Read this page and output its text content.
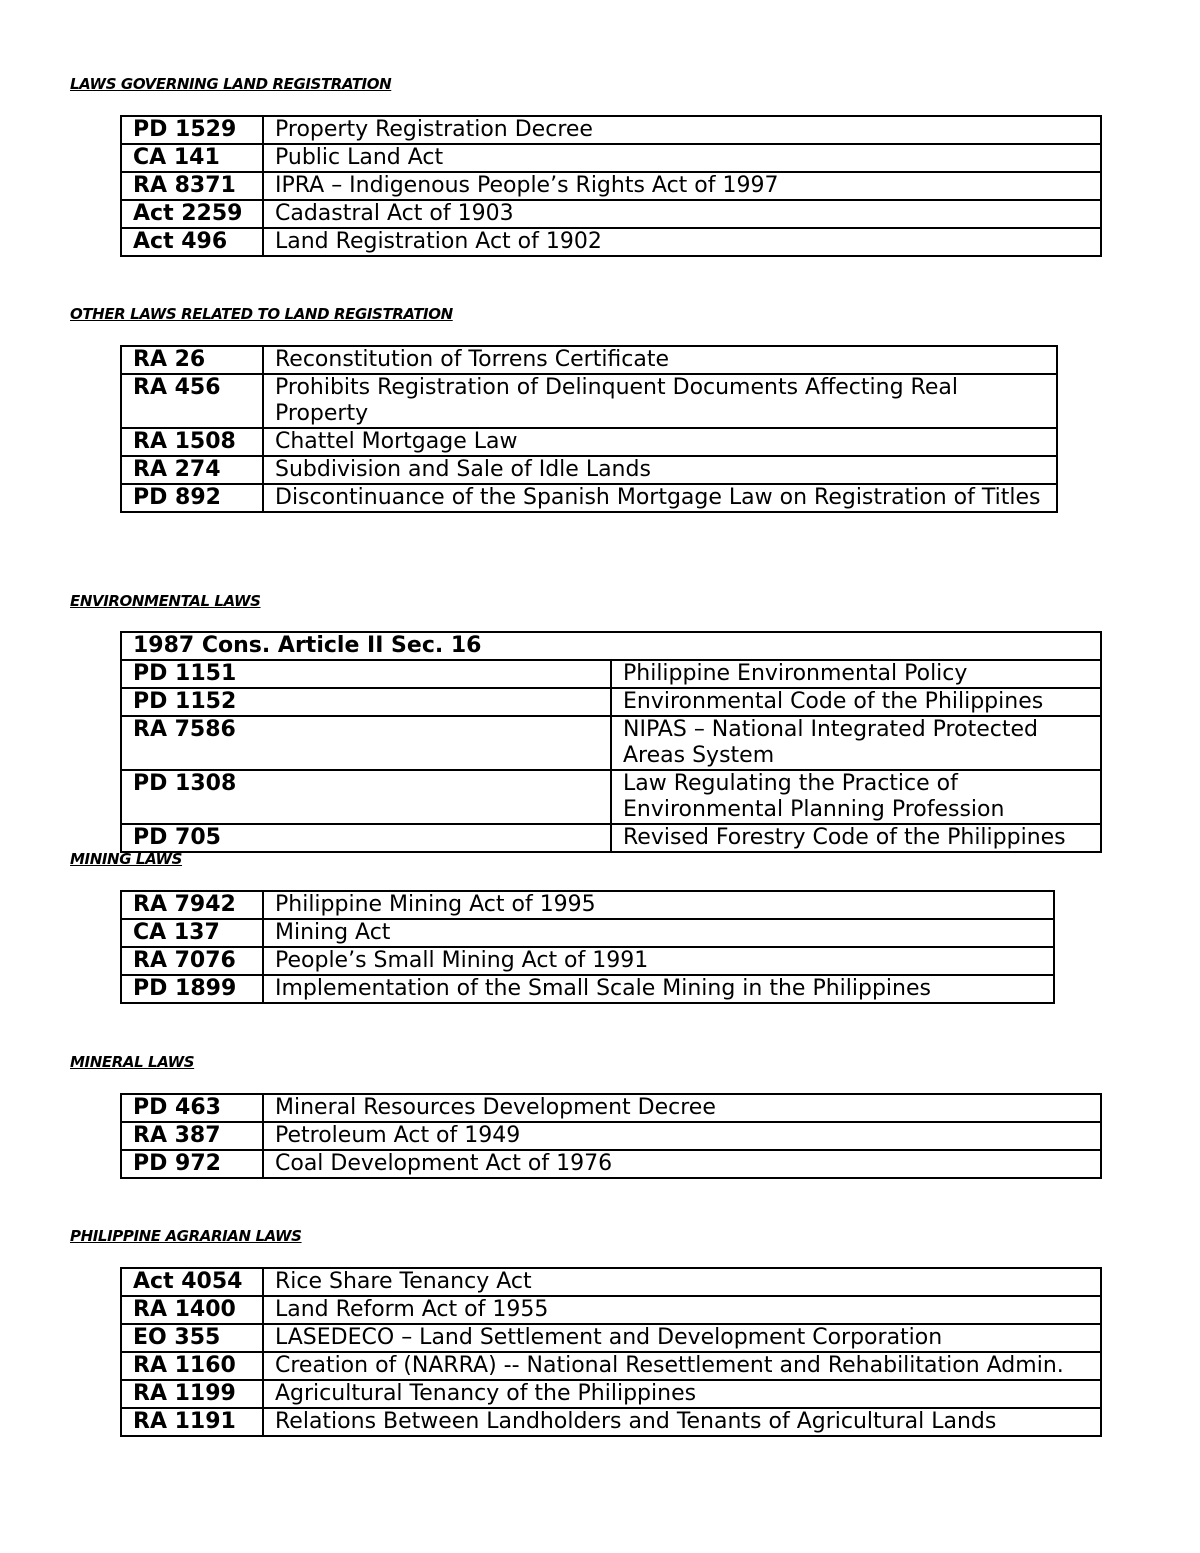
LAWS GOVERNING LAND REGISTRATION

PD 1529	Property Registration Decree
CA 141	Public Land Act
RA 8371	IPRA – Indigenous People’s Rights Act of 1997
Act 2259	Cadastral Act of 1903
Act 496	Land Registration Act of 1902

OTHER LAWS RELATED TO LAND REGISTRATION

RA 26	Reconstitution of Torrens Certificate
RA 456	Prohibits Registration of Delinquent Documents Affecting Real Property
RA 1508	Chattel Mortgage Law
RA 274	Subdivision and Sale of Idle Lands
PD 892	Discontinuance of the Spanish Mortgage Law on Registration of Titles

ENVIRONMENTAL LAWS

1987 Cons. Article II Sec. 16	
PD 1151	Philippine Environmental Policy
PD 1152	Environmental Code of the Philippines
RA 7586	NIPAS – National Integrated Protected Areas System
PD 1308	Law Regulating the Practice of Environmental Planning Profession
PD 705	Revised Forestry Code of the Philippines

MINING LAWS

RA 7942	Philippine Mining Act of 1995
CA 137	Mining Act
RA 7076	People’s Small Mining Act of 1991
PD 1899	Implementation of the Small Scale Mining in the Philippines

MINERAL LAWS

PD 463	Mineral Resources Development Decree
RA 387	Petroleum Act of 1949
PD 972	Coal Development Act of 1976

PHILIPPINE AGRARIAN LAWS

Act 4054	Rice Share Tenancy Act
RA 1400	Land Reform Act of 1955
EO 355	LASEDECO – Land Settlement and Development Corporation
RA 1160	Creation of (NARRA) -- National Resettlement and Rehabilitation Admin.
RA 1199	Agricultural Tenancy of the Philippines
RA 1191	Relations Between Landholders and Tenants of Agricultural Lands
